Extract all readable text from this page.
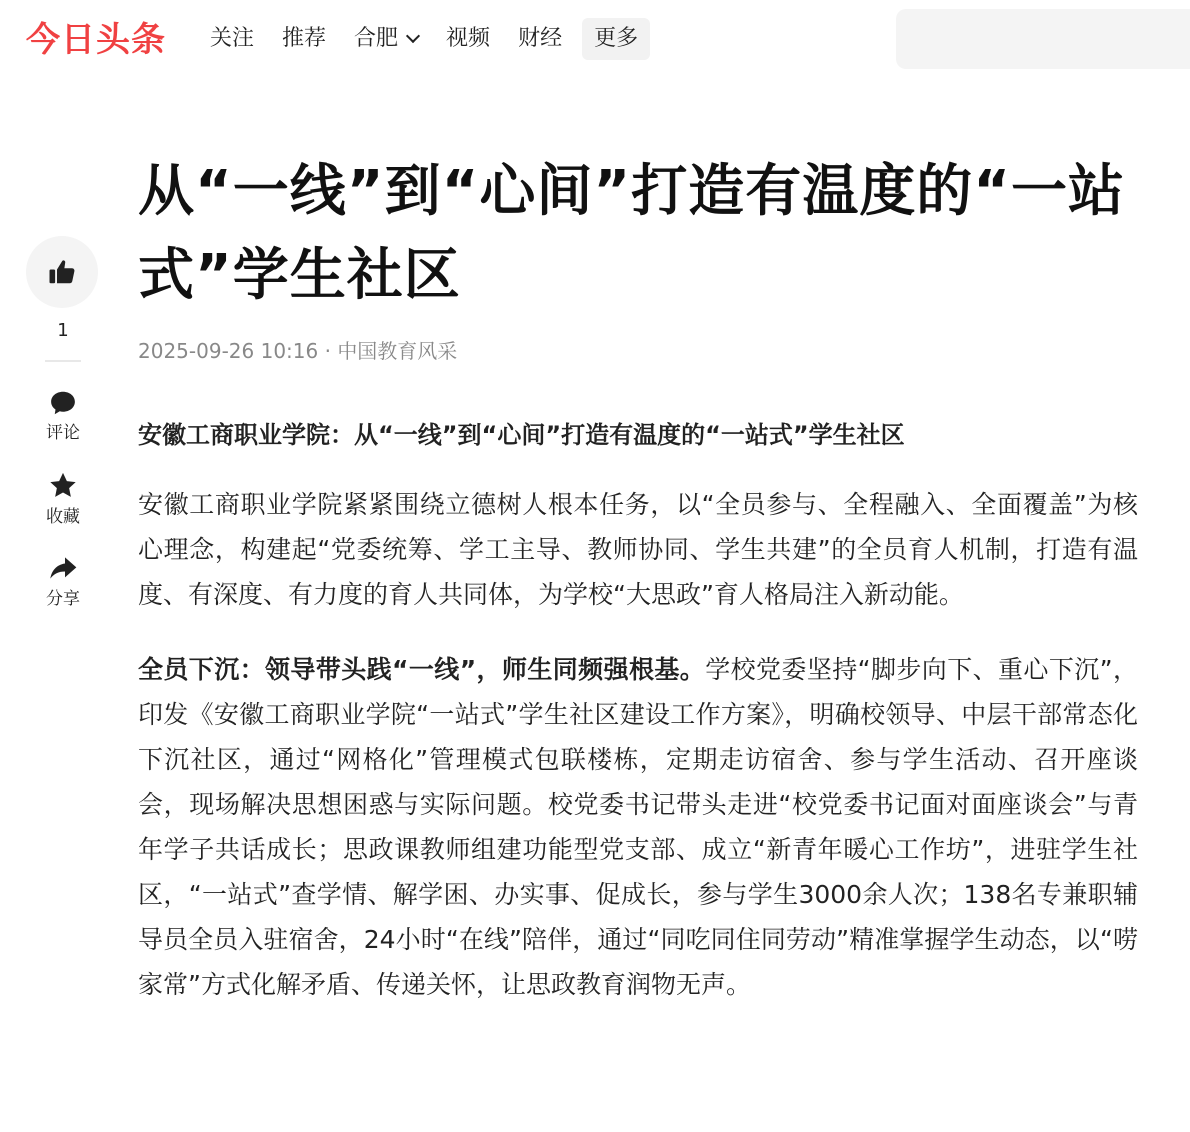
今日头条 关注 推荐 合肥 视频 财经 更多
1
评论
收藏
分享
从“一线”到“心间”打造有温度的“一站式”学生社区
2025-09-26 10:16 · 中国教育风采

安徽工商职业学院：从“一线”到“心间”打造有温度的“一站式”学生社区

安徽工商职业学院紧紧围绕立德树人根本任务，以“全员参与、全程融入、全面覆盖”为核心理念，构建起“党委统筹、学工主导、教师协同、学生共建”的全员育人机制，打造有温度、有深度、有力度的育人共同体，为学校“大思政”育人格局注入新动能。

全员下沉：领导带头践“一线”，师生同频强根基。学校党委坚持“脚步向下、重心下沉”，印发《安徽工商职业学院“一站式”学生社区建设工作方案》，明确校领导、中层干部常态化下沉社区，通过“网格化”管理模式包联楼栋，定期走访宿舍、参与学生活动、召开座谈会，现场解决思想困惑与实际问题。校党委书记带头走进“校党委书记面对面座谈会”与青年学子共话成长；思政课教师组建功能型党支部、成立“新青年暖心工作坊”，进驻学生社区，“一站式”查学情、解学困、办实事、促成长，参与学生3000余人次；138名专兼职辅导员全员入驻宿舍，24小时“在线”陪伴，通过“同吃同住同劳动”精准掌握学生动态，以“唠家常”方式化解矛盾、传递关怀，让思政教育润物无声。
